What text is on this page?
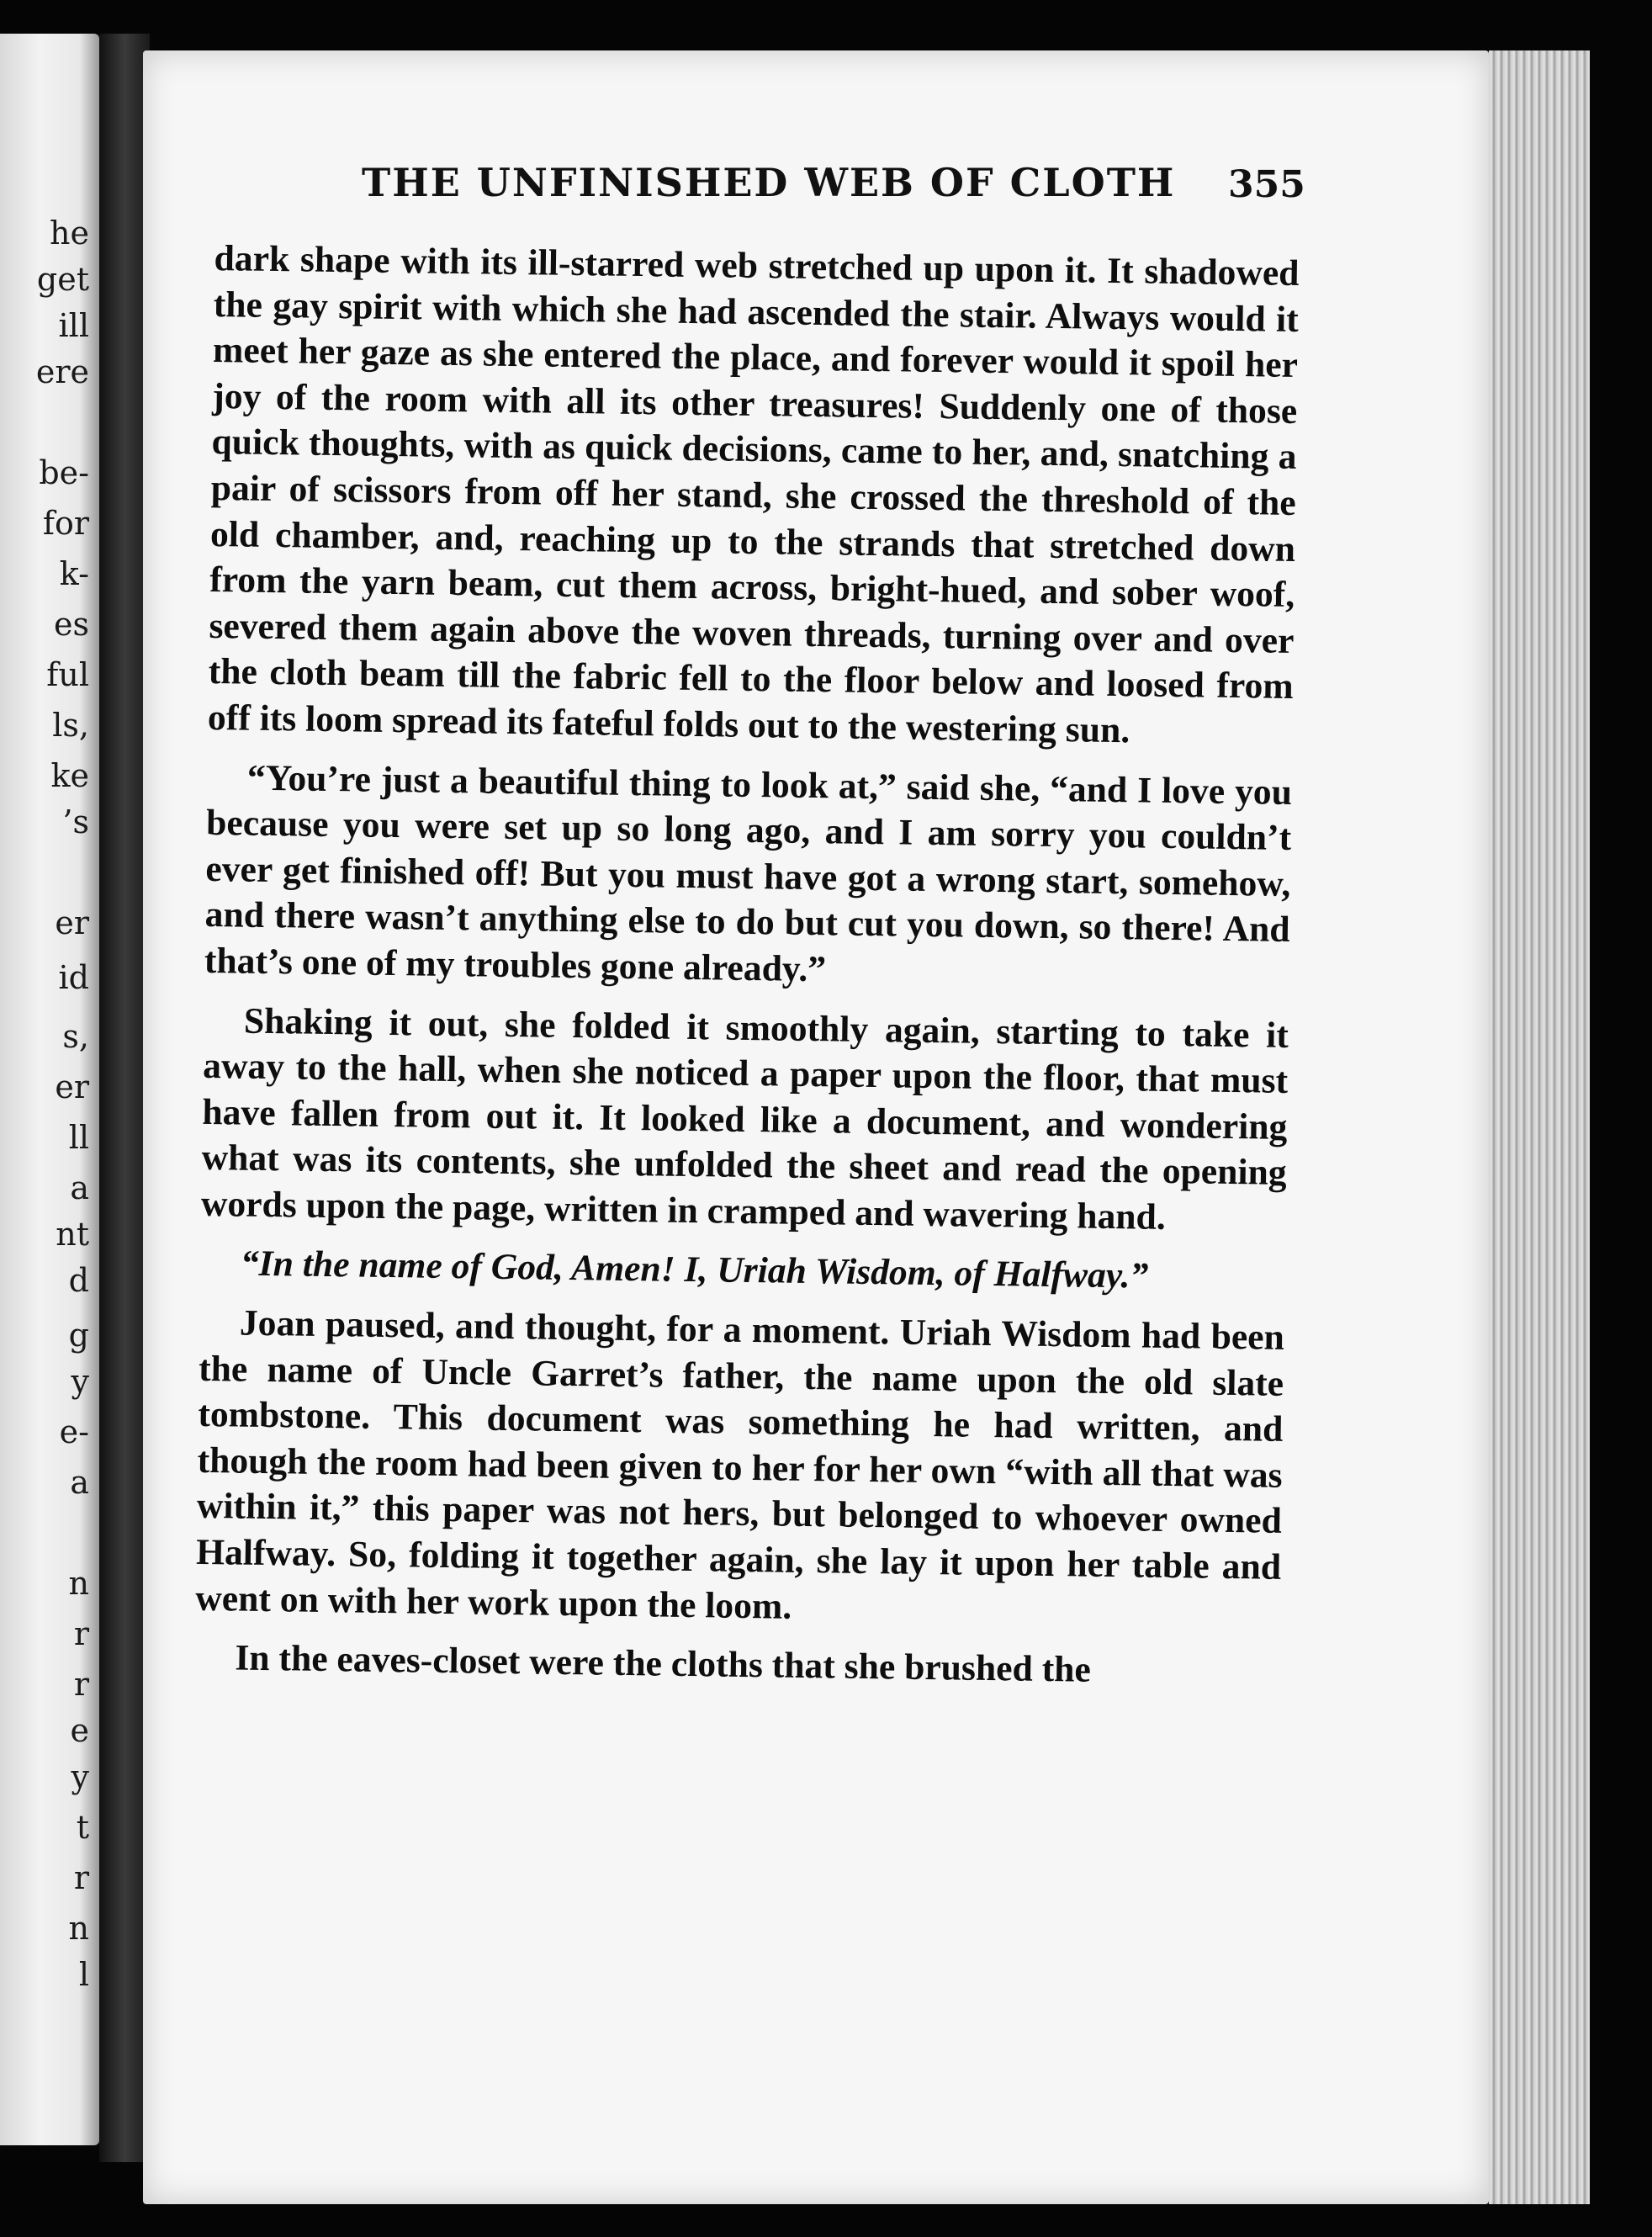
he
get
ill
ere
be-
for
k-
es
ful
ls,
ke
’s
er
id
s,
er
ll
a
nt
d
g
y
e-
a
n
r
r
e
y
t
r
n
l
THE UNFINISHED WEB OF CLOTH 355

dark shape with its ill-starred web stretched up upon it. It shadowed the gay spirit with which she had ascended the stair. Always would it meet her gaze as she entered the place, and forever would it spoil her joy of the room with all its other treasures! Suddenly one of those quick thoughts, with as quick decisions, came to her, and, snatching a pair of scissors from off her stand, she crossed the threshold of the old chamber, and, reaching up to the strands that stretched down from the yarn beam, cut them across, bright-hued, and sober woof, severed them again above the woven threads, turning over and over the cloth beam till the fabric fell to the floor below and loosed from off its loom spread its fateful folds out to the westering sun.

“You’re just a beautiful thing to look at,” said she, “and I love you because you were set up so long ago, and I am sorry you couldn’t ever get finished off! But you must have got a wrong start, somehow, and there wasn’t anything else to do but cut you down, so there! And that’s one of my troubles gone already.”

Shaking it out, she folded it smoothly again, starting to take it away to the hall, when she noticed a paper upon the floor, that must have fallen from out it. It looked like a document, and wondering what was its contents, she unfolded the sheet and read the opening words upon the page, written in cramped and wavering hand.

“In the name of God, Amen! I, Uriah Wisdom, of Halfway.”

Joan paused, and thought, for a moment. Uriah Wisdom had been the name of Uncle Garret’s father, the name upon the old slate tombstone. This document was something he had written, and though the room had been given to her for her own “with all that was within it,” this paper was not hers, but belonged to whoever owned Halfway. So, folding it together again, she lay it upon her table and went on with her work upon the loom.

In the eaves-closet were the cloths that she brushed the
